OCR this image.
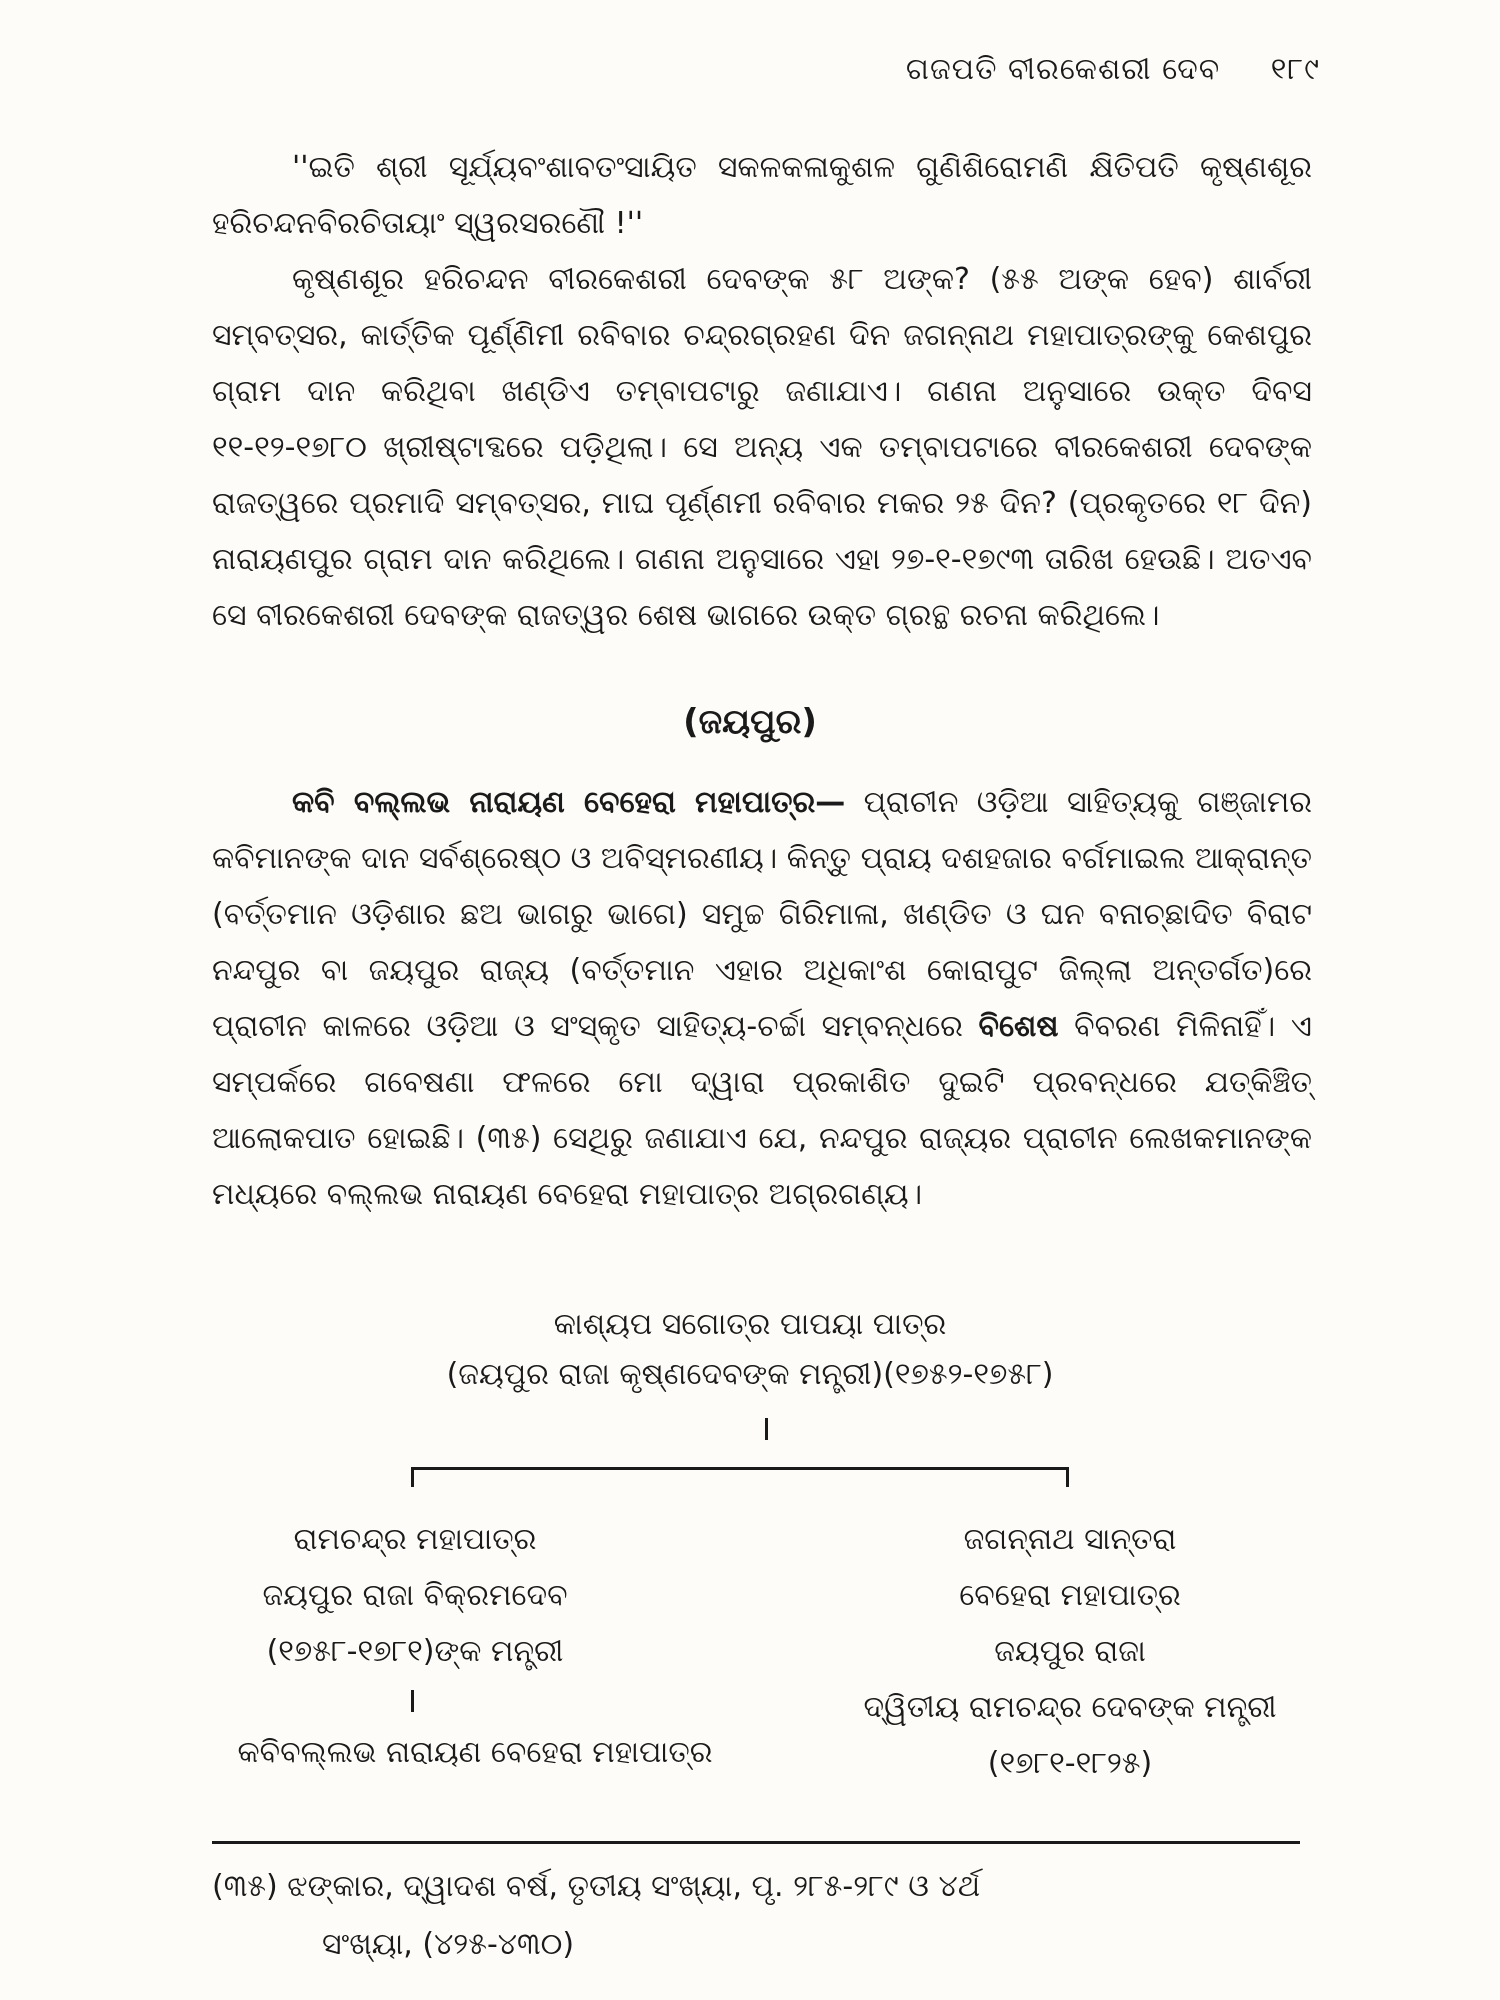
ଗଜପତି ବୀରକେଶରୀ ଦେବ ୧୮୯

''ଇତି ଶ୍ରୀ ସୂର୍ଯ୍ୟବଂଶାବତଂସାୟିତ ସକଳକଳାକୁଶଳ ଗୁଣିଶିରୋମଣି କ୍ଷିତିପତି କୃଷ୍ଣଶୂର ହରିଚନ୍ଦନବିରଚିତାୟାଂ ସ୍ୱରସରଣୌ !''

କୃଷ୍ଣଶୂର ହରିଚନ୍ଦନ ବୀରକେଶରୀ ଦେବଙ୍କ ୫୮ ଅଙ୍କ? (୫୫ ଅଙ୍କ ହେବ) ଶାର୍ବରୀ ସମ୍ବତ୍ସର, କାର୍ତ୍ତିକ ପୂର୍ଣ୍ଣିମୀ ରବିବାର ଚନ୍ଦ୍ରଗ୍ରହଣ ଦିନ ଜଗନ୍ନାଥ ମହାପାତ୍ରଙ୍କୁ କେଶପୁର ଗ୍ରାମ ଦାନ କରିଥିବା ଖଣ୍ଡିଏ ତମ୍ବାପଟାରୁ ଜଣାଯାଏ। ଗଣନା ଅନୁସାରେ ଉକ୍ତ ଦିବସ ୧୧-୧୨-୧୭୮୦ ଖ୍ରୀଷ୍ଟାବ୍ଦରେ ପଡ଼ିଥିଲା। ସେ ଅନ୍ୟ ଏକ ତମ୍ବାପଟାରେ ବୀରକେଶରୀ ଦେବଙ୍କ ରାଜତ୍ୱରେ ପ୍ରମାଦି ସମ୍ବତ୍ସର, ମାଘ ପୂର୍ଣ୍ଣମୀ ରବିବାର ମକର ୨୫ ଦିନ? (ପ୍ରକୃତରେ ୧୮ ଦିନ) ନାରାୟଣପୁର ଗ୍ରାମ ଦାନ କରିଥିଲେ। ଗଣନା ଅନୁସାରେ ଏହା ୨୭-୧-୧୭୯୩ ତାରିଖ ହେଉଛି। ଅତଏବ ସେ ବୀରକେଶରୀ ଦେବଙ୍କ ରାଜତ୍ୱର ଶେଷ ଭାଗରେ ଉକ୍ତ ଗ୍ରନ୍ଥ ରଚନା କରିଥିଲେ।

(ଜୟପୁର)

କବି ବଲ୍ଲଭ ନାରାୟଣ ବେହେରା ମହାପାତ୍ର— ପ୍ରାଚୀନ ଓଡ଼ିଆ ସାହିତ୍ୟକୁ ଗଞ୍ଜାମର କବିମାନଙ୍କ ଦାନ ସର୍ବଶ୍ରେଷ୍ଠ ଓ ଅବିସ୍ମରଣୀୟ। କିନ୍ତୁ ପ୍ରାୟ ଦଶହଜାର ବର୍ଗମାଇଲ ଆକ୍ରାନ୍ତ (ବର୍ତ୍ତମାନ ଓଡ଼ିଶାର ଛଅ ଭାଗରୁ ଭାଗେ) ସମୁଚ୍ଚ ଗିରିମାଳା, ଖଣ୍ଡିତ ଓ ଘନ ବନାଚ୍ଛାଦିତ ବିରାଟ ନନ୍ଦପୁର ବା ଜୟପୁର ରାଜ୍ୟ (ବର୍ତ୍ତମାନ ଏହାର ଅଧିକାଂଶ କୋରାପୁଟ ଜିଲ୍ଲା ଅନ୍ତର୍ଗତ)ରେ ପ୍ରାଚୀନ କାଳରେ ଓଡ଼ିଆ ଓ ସଂସ୍କୃତ ସାହିତ୍ୟ-ଚର୍ଚ୍ଚା ସମ୍ବନ୍ଧରେ ବିଶେଷ ବିବରଣ ମିଳିନାହିଁ। ଏ ସମ୍ପର୍କରେ ଗବେଷଣା ଫଳରେ ମୋ ଦ୍ୱାରା ପ୍ରକାଶିତ ଦୁଇଟି ପ୍ରବନ୍ଧରେ ଯତ୍‌କିଞ୍ଚିତ୍ ଆଲୋକପାତ ହୋଇଛି। (୩୫) ସେଥିରୁ ଜଣାଯାଏ ଯେ, ନନ୍ଦପୁର ରାଜ୍ୟର ପ୍ରାଚୀନ ଲେଖକମାନଙ୍କ ମଧ୍ୟରେ ବଲ୍ଲଭ ନାରାୟଣ ବେହେରା ମହାପାତ୍ର ଅଗ୍ରଗଣ୍ୟ।

କାଶ୍ୟପ ସଗୋତ୍ର ପାପୟା ପାତ୍ର
(ଜୟପୁର ରାଜା କୃଷ୍ଣଦେବଙ୍କ ମନ୍ତ୍ରୀ)(୧୭୫୨-୧୭୫୮)
ରାମଚନ୍ଦ୍ର ମହାପାତ୍ର
ଜୟପୁର ରାଜା ବିକ୍ରମଦେବ
(୧୭୫୮-୧୭୮୧)ଙ୍କ ମନ୍ତ୍ରୀ
କବିବଲ୍ଲଭ ନାରାୟଣ ବେହେରା ମହାପାତ୍ର
ଜଗନ୍ନାଥ ସାନ୍ତରା
ବେହେରା ମହାପାତ୍ର
ଜୟପୁର ରାଜା
ଦ୍ୱିତୀୟ ରାମଚନ୍ଦ୍ର ଦେବଙ୍କ ମନ୍ତ୍ରୀ
(୧୭୮୧-୧୮୨୫)
(୩୫) ଝଙ୍କାର, ଦ୍ୱାଦଶ ବର୍ଷ, ତୃତୀୟ ସଂଖ୍ୟା, ପୃ. ୨୮୫-୨୮୯ ଓ ୪ର୍ଥ
ସଂଖ୍ୟା, (୪୨୫-୪୩୦)
